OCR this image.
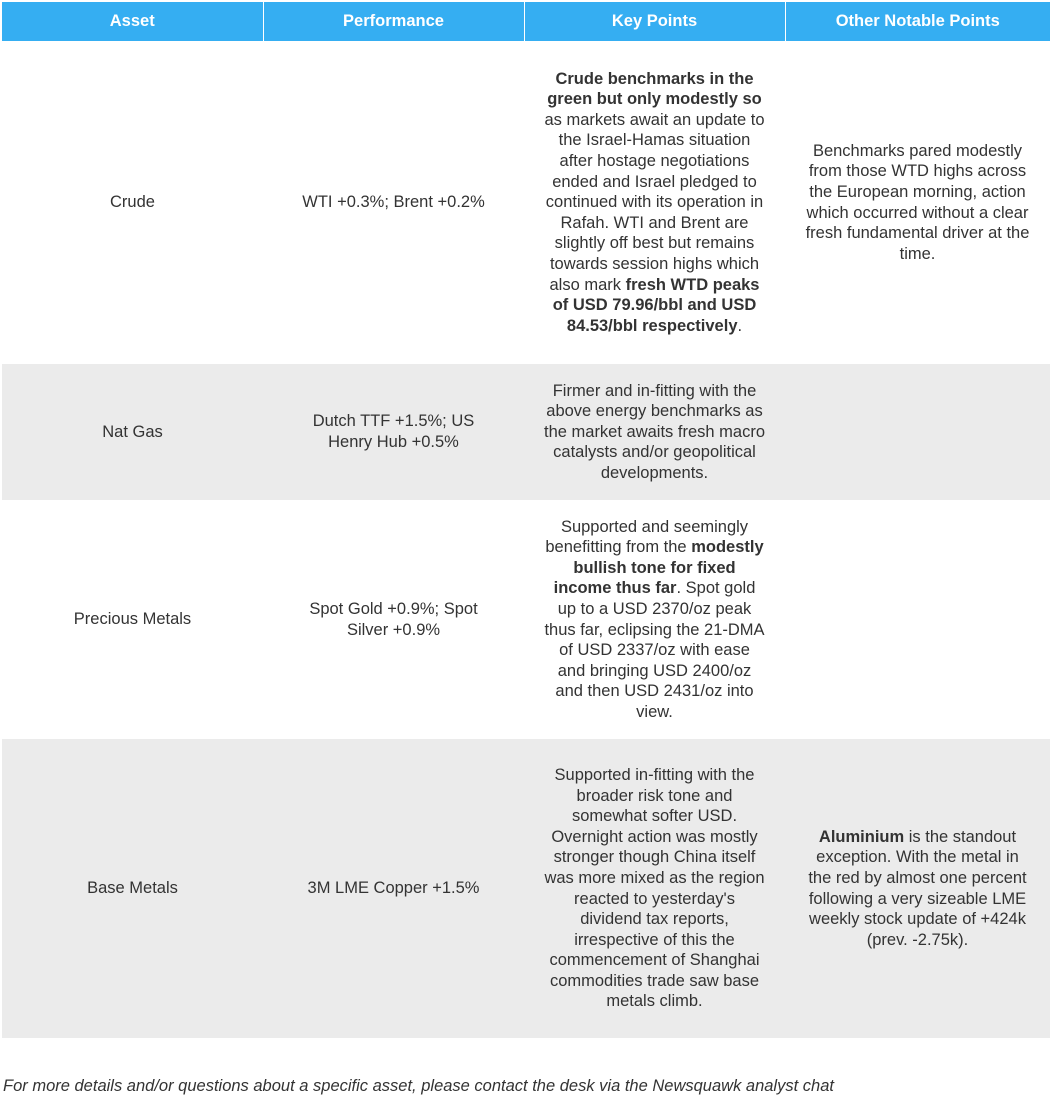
Asset	Performance	Key Points	Other Notable Points
Crude	WTI +0.3%; Brent +0.2%	Crude benchmarks in the green but only modestly so as markets await an update to the Israel-Hamas situation after hostage negotiations ended and Israel pledged to continued with its operation in Rafah. WTI and Brent are slightly off best but remains towards session highs which also mark fresh WTD peaks of USD 79.96/bbl and USD 84.53/bbl respectively.	Benchmarks pared modestly from those WTD highs across the European morning, action which occurred without a clear fresh fundamental driver at the time.

Nat Gas	Dutch TTF +1.5%; US Henry Hub +0.5%	Firmer and in-fitting with the above energy benchmarks as the market awaits fresh macro catalysts and/or geopolitical developments.	

Precious Metals	Spot Gold +0.9%; Spot Silver +0.9%	Supported and seemingly benefitting from the modestly bullish tone for fixed income thus far. Spot gold up to a USD 2370/oz peak thus far, eclipsing the 21-DMA of USD 2337/oz with ease and bringing USD 2400/oz and then USD 2431/oz into view.	

Base Metals	3M LME Copper +1.5%	Supported in-fitting with the broader risk tone and somewhat softer USD. Overnight action was mostly stronger though China itself was more mixed as the region reacted to yesterday's dividend tax reports, irrespective of this the commencement of Shanghai commodities trade saw base metals climb.	Aluminium is the standout exception. With the metal in the red by almost one percent following a very sizeable LME weekly stock update of +424k (prev. -2.75k).
For more details and/or questions about a specific asset, please contact the desk via the Newsquawk analyst chat
